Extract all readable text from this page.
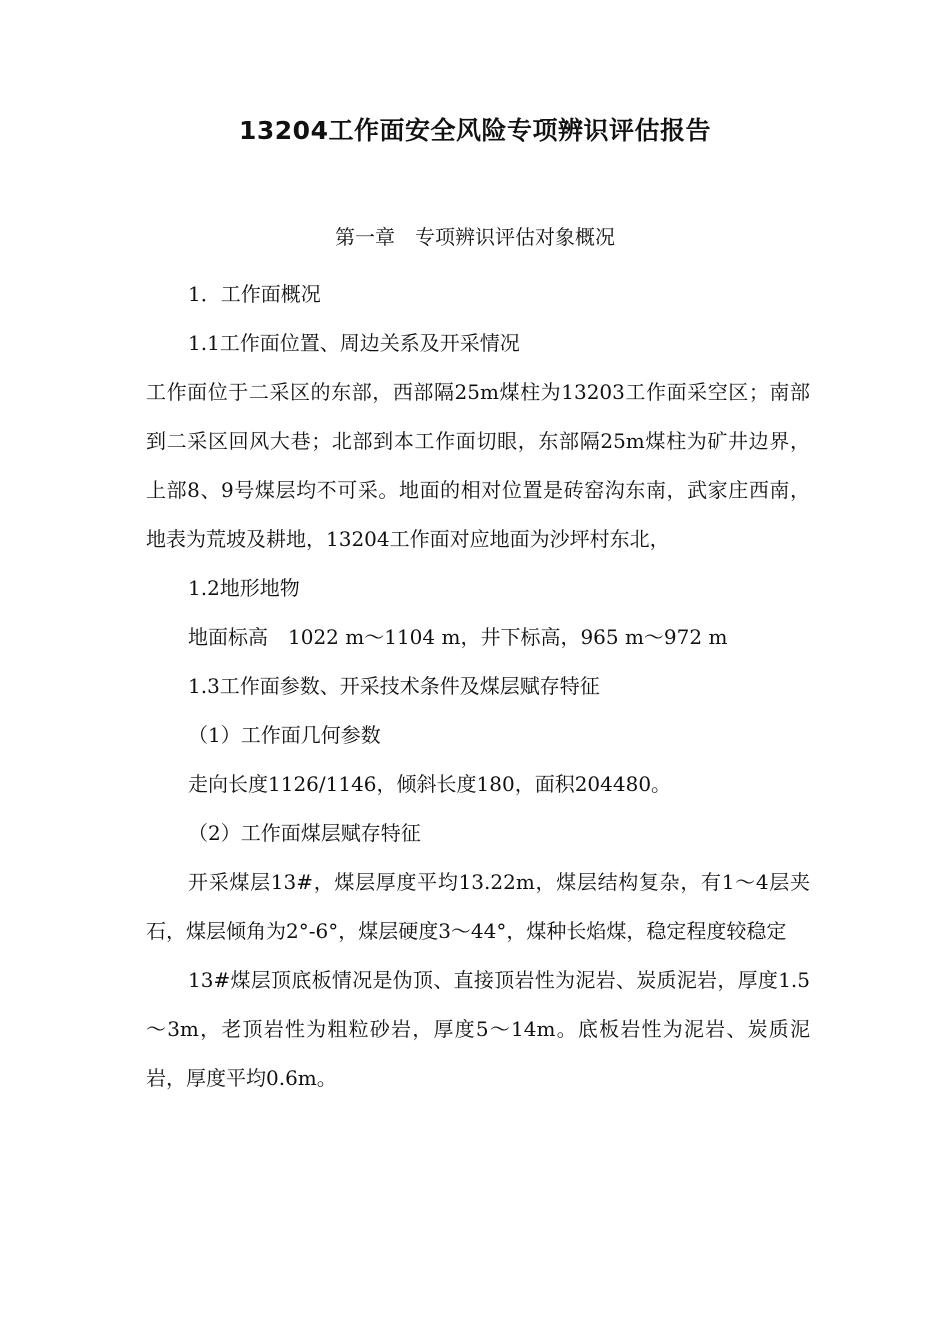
13204工作面安全风险专项辨识评估报告
第一章　专项辨识评估对象概况

1．工作面概况

1.1工作面位置、周边关系及开采情况

工作面位于二采区的东部，西部隔25m煤柱为13203工作面采空区；南部到二采区回风大巷；北部到本工作面切眼，东部隔25m煤柱为矿井边界，上部8、9号煤层均不可采。地面的相对位置是砖窑沟东南，武家庄西南，地表为荒坡及耕地，13204工作面对应地面为沙坪村东北，

1.2地形地物

地面标高　1022 m～1104 m，井下标高，965 m～972 m

1.3工作面参数、开采技术条件及煤层赋存特征

（1）工作面几何参数

走向长度1126/1146，倾斜长度180，面积204480。

（2）工作面煤层赋存特征

开采煤层13#，煤层厚度平均13.22m，煤层结构复杂，有1～4层夹石，煤层倾角为2°-6°，煤层硬度3～44°，煤种长焰煤，稳定程度较稳定

13#煤层顶底板情况是伪顶、直接顶岩性为泥岩、炭质泥岩，厚度1.5～3m，老顶岩性为粗粒砂岩，厚度5～14m。底板岩性为泥岩、炭质泥岩，厚度平均0.6m。
